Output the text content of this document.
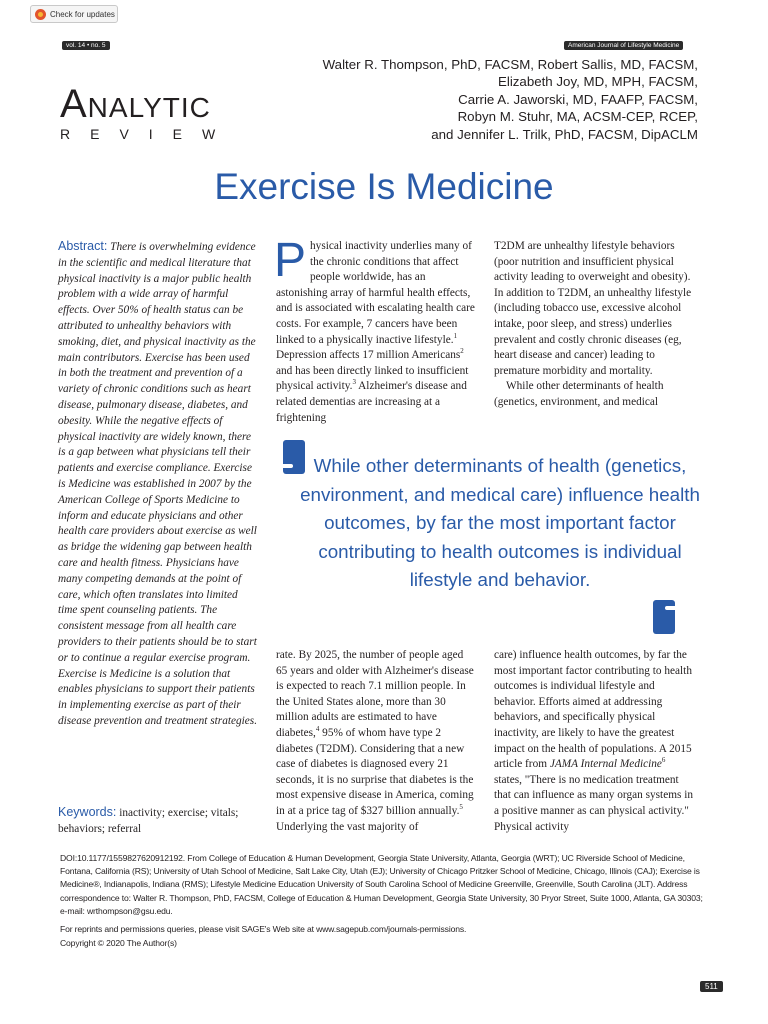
Check for updates
vol. 14 • no. 5	American Journal of Lifestyle Medicine
Analytic
REVIEW
Walter R. Thompson, PhD, FACSM, Robert Sallis, MD, FACSM,
Elizabeth Joy, MD, MPH, FACSM,
Carrie A. Jaworski, MD, FAAFP, FACSM,
Robyn M. Stuhr, MA, ACSM-CEP, RCEP,
and Jennifer L. Trilk, PhD, FACSM, DipACLM
Exercise Is Medicine
Abstract: There is overwhelming evidence in the scientific and medical literature that physical inactivity is a major public health problem with a wide array of harmful effects. Over 50% of health status can be attributed to unhealthy behaviors with smoking, diet, and physical inactivity as the main contributors. Exercise has been used in both the treatment and prevention of a variety of chronic conditions such as heart disease, pulmonary disease, diabetes, and obesity. While the negative effects of physical inactivity are widely known, there is a gap between what physicians tell their patients and exercise compliance. Exercise is Medicine was established in 2007 by the American College of Sports Medicine to inform and educate physicians and other health care providers about exercise as well as bridge the widening gap between health care and health fitness. Physicians have many competing demands at the point of care, which often translates into limited time spent counseling patients. The consistent message from all health care providers to their patients should be to start or to continue a regular exercise program. Exercise is Medicine is a solution that enables physicians to support their patients in implementing exercise as part of their disease prevention and treatment strategies.
Keywords: inactivity; exercise; vitals; behaviors; referral
Physical inactivity underlies many of the chronic conditions that affect people worldwide, has an astonishing array of harmful health effects, and is associated with escalating health care costs. For example, 7 cancers have been linked to a physically inactive lifestyle.$^1$ Depression affects 17 million Americans$^2$ and has been directly linked to insufficient physical activity.$^3$ Alzheimer's disease and related dementias are increasing at a frightening

T2DM are unhealthy lifestyle behaviors (poor nutrition and insufficient physical activity leading to overweight and obesity). In addition to T2DM, an unhealthy lifestyle (including tobacco use, excessive alcohol intake, poor sleep, and stress) underlies prevalent and costly chronic diseases (eg, heart disease and cancer) leading to premature morbidity and mortality.

While other determinants of health (genetics, environment, and medical

While other determinants of health (genetics, environment, and medical care) influence health outcomes, by far the most important factor contributing to health outcomes is individual lifestyle and behavior.
rate. By 2025, the number of people aged 65 years and older with Alzheimer's disease is expected to reach 7.1 million people. In the United States alone, more than 30 million adults are estimated to have diabetes,$^4$ 95% of whom have type 2 diabetes (T2DM). Considering that a new case of diabetes is diagnosed every 21 seconds, it is no surprise that diabetes is the most expensive disease in America, coming in at a price tag of $327 billion annually.$^5$ Underlying the vast majority of
care) influence health outcomes, by far the most important factor contributing to health outcomes is individual lifestyle and behavior. Efforts aimed at addressing behaviors, and specifically physical inactivity, are likely to have the greatest impact on the health of populations. A 2015 article from JAMA Internal Medicine$^6$ states, "There is no medication treatment that can influence as many organ systems in a positive manner as can physical activity." Physical activity

DOI:10.1177/1559827620912192. From College of Education & Human Development, Georgia State University, Atlanta, Georgia (WRT); UC Riverside School of Medicine, Fontana, California (RS); University of Utah School of Medicine, Salt Lake City, Utah (EJ); University of Chicago Pritzker School of Medicine, Chicago, Illinois (CAJ); Exercise is Medicine®, Indianapolis, Indiana (RMS); Lifestyle Medicine Education University of South Carolina School of Medicine Greenville, Greenville, South Carolina (JLT). Address correspondence to: Walter R. Thompson, PhD, FACSM, College of Education & Human Development, Georgia State University, 30 Pryor Street, Suite 1000, Atlanta, GA 30303; e-mail: wrthompson@gsu.edu.

For reprints and permissions queries, please visit SAGE's Web site at www.sagepub.com/journals-permissions.

Copyright © 2020 The Author(s)

511
